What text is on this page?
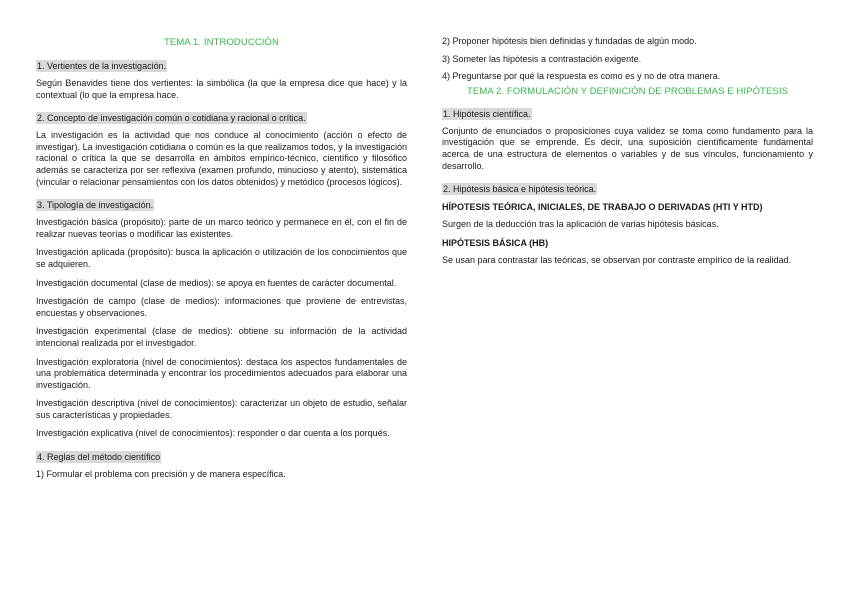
TEMA 1. INTRODUCCIÓN
1. Vertientes de la investigación.
Según Benavides tiene dos vertientes: la simbólica (la que la empresa dice que hace) y la contextual (lo que la empresa hace.
2. Concepto de investigación común o cotidiana y racional o crítica.
La investigación es la actividad que nos conduce al conocimiento (acción o efecto de investigar). La investigación cotidiana o común es la que realizamos todos, y la investigación racional o crítica la que se desarrolla en ámbitos empírico-técnico, científico y filosófico además se caracteriza por ser reflexiva (examen profundo, minucioso y atento), sistemática (vincular o relacionar pensamientos con los datos obtenidos) y metódico (procesos lógicos).
3. Tipología de investigación.
Investigación básica (propósito): parte de un marco teórico y permanece en él, con el fin de realizar nuevas teorías o modificar las existentes.
Investigación aplicada (propósito): busca la aplicación o utilización de los conocimientos que se adquieren.
Investigación documental (clase de medios): se apoya en fuentes de carácter documental.
Investigación de campo (clase de medios): informaciones que proviene de entrevistas, encuestas y observaciones.
Investigación experimental (clase de medios): obtiene su información de la actividad intencional realizada por el investigador.
Investigación exploratoria (nivel de conocimientos): destaca los aspectos fundamentales de una problemática determinada y encontrar los procedimientos adecuados para elaborar una investigación.
Investigación descriptiva (nivel de conocimientos): caracterizar un objeto de estudio, señalar sus características y propiedades.
Investigación explicativa (nivel de conocimientos): responder o dar cuenta a los porqués.
4. Reglas del método científico
1) Formular el problema con precisión y de manera específica.
2) Proponer hipótesis bien definidas y fundadas de algún modo.
3) Someter las hipótesis a contrastación exigente.
4) Preguntarse por qué la respuesta es como es y no de otra manera.
TEMA 2. FORMULACIÓN Y DEFINICIÓN DE PROBLEMAS E HIPÓTESIS
1. Hipótesis científica.
Conjunto de enunciados o proposiciones cuya validez se toma como fundamento para la investigación que se emprende. Es decir, una suposición científicamente fundamental acerca de una estructura de elementos o variables y de sus vínculos, funcionamiento y desarrollo.
2. Hipótesis básica e hipótesis teórica.
HÍPOTESIS TEÓRICA, INICIALES, DE TRABAJO O DERIVADAS (HTI Y HTD)
Surgen de la deducción tras la aplicación de varias hipótesis básicas.
HIPÓTESIS BÁSICA (HB)
Se usan para contrastar las teóricas, se observan por contraste empírico de la realidad.
